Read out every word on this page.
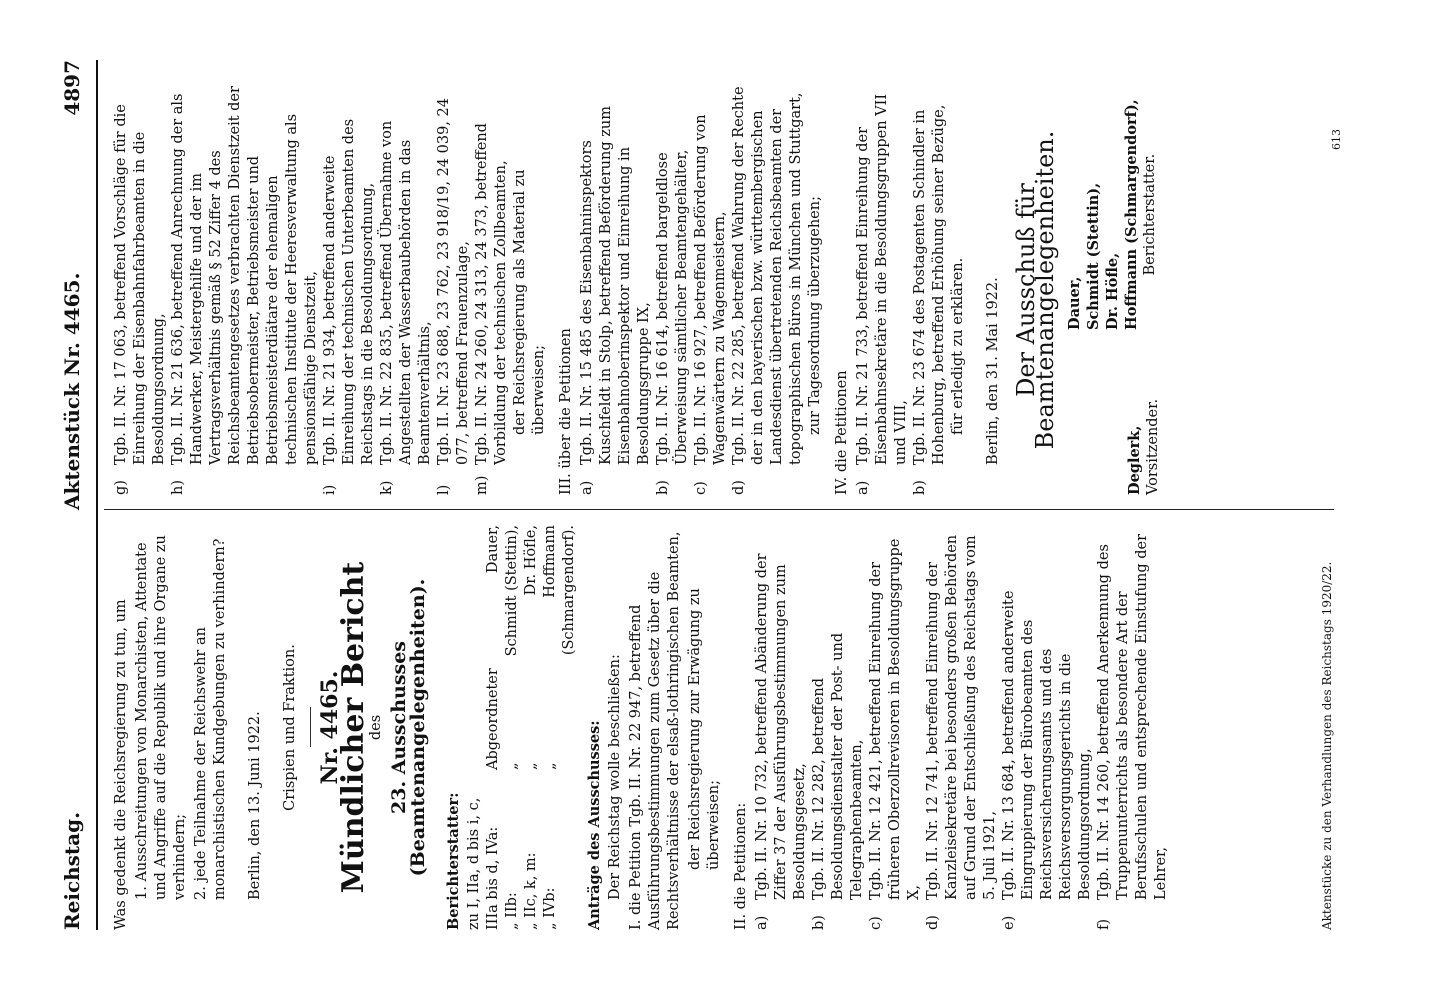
Reichstag.
Aktenstück Nr. 4465.
4897

Was gedenkt die Reichsregierung zu tun, um 1. Ausschreitungen von Monarchisten, Attentate und Angriffe auf die Republik und ihre Organe zu verhindern; 2. jede Teilnahme der Reichswehr an monarchistischen Kundgebungen zu verhindern? Berlin, den 13. Juni 1922. Crispien und Fraktion. Nr. 4465.
Mündlicher Bericht
des 23. Ausschusses (Beamtenangelegenheiten). Berichterstatter: zu I, IIa, d bis i, c, IIIa bis d, IVa:
Abgeordneter
Dauer,
„ IIb:
„
Schmidt (Stettin),
„ IIc, k, m:
„
Dr. Höfle,
„ IVb:
„
Hoffmann (Schmargendorf).

Anträge des Ausschusses: Der Reichstag wolle beschließen: I. die Petition Tgb. II. Nr. 22 947, betreffend Ausführungsbestimmungen zum Gesetz über die Rechtsverhältnisse der elsaß-lothringischen Beamten, der Reichsregierung zur Erwägung zu überweisen; II. die Petitionen: a)
Tgb. II. Nr. 10 732, betreffend Abänderung der Ziffer 37 der Ausführungsbestimmungen zum Besoldungsgesetz,
b)
Tgb. II. Nr. 12 282, betreffend Besoldungsdienstalter der Post- und Telegraphenbeamten,
c)
Tgb. II. Nr. 12 421, betreffend Einreihung der früheren Oberzollrevisoren in Besoldungsgruppe X,
d)
Tgb. II. Nr. 12 741, betreffend Einreihung der Kanzleisekretäre bei besonders großen Behörden auf Grund der Entschließung des Reichstags vom 5. Juli 1921,
e)
Tgb. II. Nr. 13 684, betreffend anderweite Eingruppierung der Bürobeamten des Reichsversicherungsamts und des Reichsversorgungsgerichts in die Besoldungsordnung,
f)
Tgb. II. Nr. 14 260, betreffend Anerkennung des Truppenunterrichts als besondere Art der Berufsschulen und entsprechende Einstufung der Lehrer,	Aktenstücke zu den Verhandlungen des Reichstags 1920/22.
g)
Tgb. II. Nr. 17 063, betreffend Vorschläge für die Einreihung der Eisenbahnfahrbeamten in die Besoldungsordnung,
h)
Tgb. II. Nr. 21 636, betreffend Anrechnung der als Handwerker, Meistergehilfe und der im Vertragsverhältnis gemäß § 52 Ziffer 4 des Reichsbeamtengesetzes verbrachten Dienstzeit der Betriebsobermeister, Betriebsmeister und Betriebsmeisterdiätare der ehemaligen technischen Institute der Heeresverwaltung als pensionsfähige Dienstzeit,
i)
Tgb. II. Nr. 21 934, betreffend anderweite Einreihung der technischen Unterbeamten des Reichstags in die Besoldungsordnung,
k)
Tgb. II. Nr. 22 835, betreffend Übernahme von Angestellten der Wasserbaubehörden in das Beamtenverhältnis,
l)
Tgb. II. Nr. 23 688, 23 762, 23 918/19, 24 039, 24 077, betreffend Frauenzulage,
m)
Tgb. II. Nr. 24 260, 24 313, 24 373, betreffend Vorbildung der technischen Zollbeamten, der Reichsregierung als Material zu überweisen; III. über die Petitionen a)
Tgb. II. Nr. 15 485 des Eisenbahninspektors Kuschfeldt in Stolp, betreffend Beförderung zum Eisenbahnoberinspektor und Einreihung in Besoldungsgruppe IX,
b)
Tgb. II. Nr. 16 614, betreffend bargeldlose Überweisung sämtlicher Beamtengehälter,
c)
Tgb. II. Nr. 16 927, betreffend Beförderung von Wagenwärtern zu Wagenmeistern,
d)
Tgb. II. Nr. 22 285, betreffend Wahrung der Rechte der in den bayerischen bzw. württembergischen Landesdienst übertretenden Reichsbeamten der topographischen Büros in München und Stuttgart, zur Tagesordnung überzugehen; IV. die Petitionen a)
Tgb. II. Nr. 21 733, betreffend Einreihung der Eisenbahnsekretäre in die Besoldungsgruppen VII und VIII,
b)
Tgb. II. Nr. 23 674 des Postagenten Schindler in Hohenburg, betreffend Erhöhung seiner Bezüge, für erledigt zu erklären. Berlin, den 31. Mai 1922. Der Ausschuß für Beamtenangelegenheiten.
Deglerk, Vorsitzender.
Dauer, Schmidt (Stettin), Dr. Höfle, Hoffmann (Schmargendorf), Berichterstatter.
613
